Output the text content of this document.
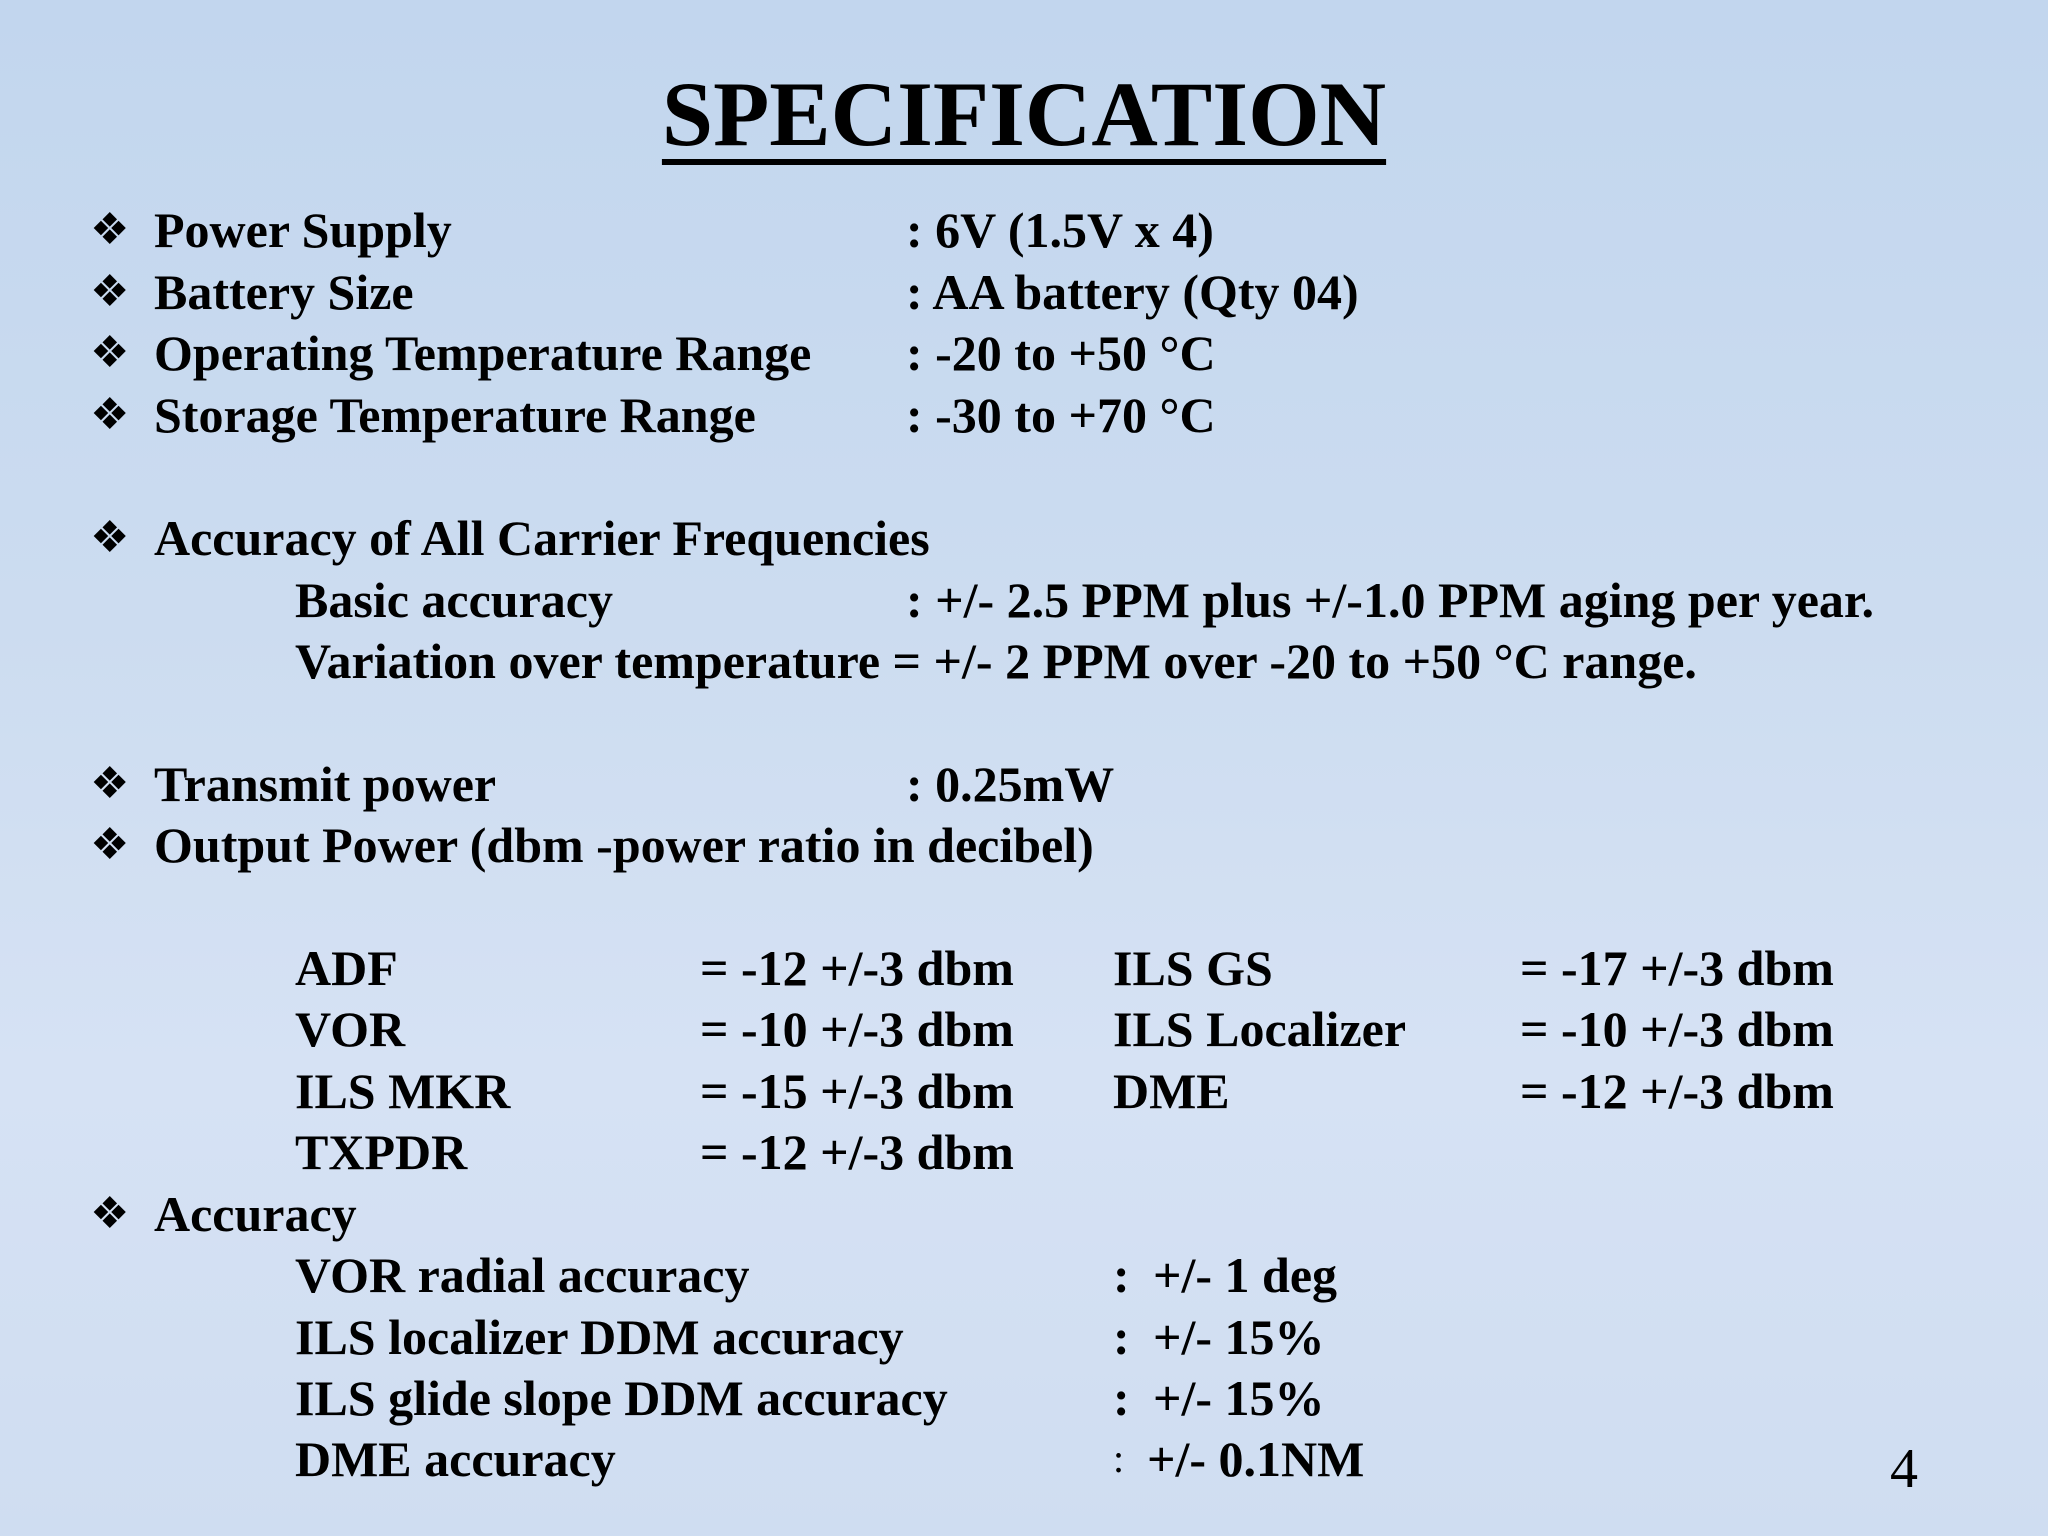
SPECIFICATION
❖ Power Supply	: 6V (1.5V x 4)
❖ Battery Size	: AA battery (Qty 04)
❖ Operating Temperature Range : -20 to +50 °C
❖ Storage Temperature Range	: -30 to +70 °C
❖ Accuracy of All Carrier Frequencies
Basic accuracy	: +/- 2.5 PPM plus +/-1.0 PPM aging per year.
Variation over temperature = +/- 2 PPM over -20 to +50 °C range.
❖ Transmit power	: 0.25mW
❖ Output Power (dbm -power ratio in decibel)
ADF	= -12 +/-3 dbm ILS GS	= -17 +/-3 dbm
VOR	= -10 +/-3 dbm ILS Localizer = -10 +/-3 dbm
ILS MKR	= -15 +/-3 dbm DME	= -12 +/-3 dbm
TXPDR	= -12 +/-3 dbm
❖ Accuracy
VOR radial accuracy	: +/- 1 deg
ILS localizer DDM accuracy	: +/- 15%
ILS glide slope DDM accuracy	: +/- 15%
DME accuracy	: +/- 0.1NM	4
